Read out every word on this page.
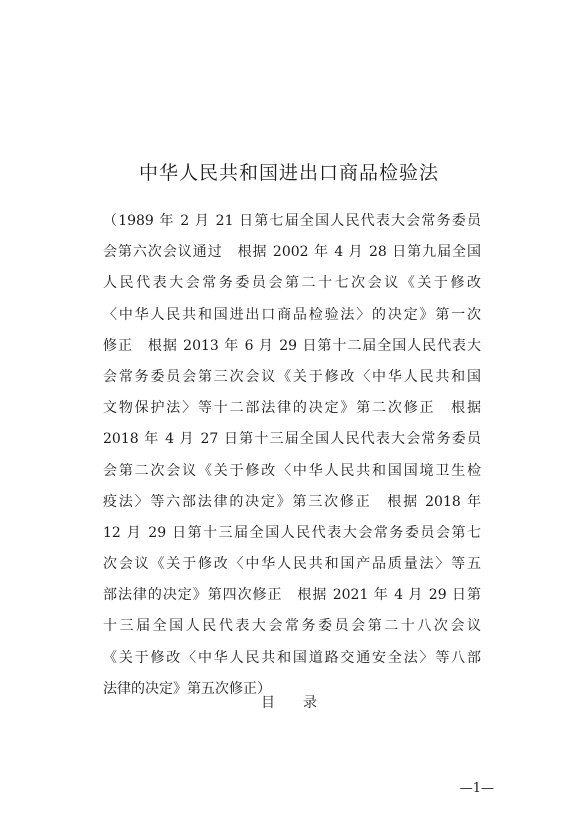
中华人民共和国进出口商品检验法
（1989 年 2 月 21 日第七届全国人民代表大会常务委员
会第六次会议通过　根据 2002 年 4 月 28 日第九届全国
人民代表大会常务委员会第二十七次会议《关于修改
〈中华人民共和国进出口商品检验法〉的决定》第一次
修正　根据 2013 年 6 月 29 日第十二届全国人民代表大
会常务委员会第三次会议《关于修改〈中华人民共和国
文物保护法〉等十二部法律的决定》第二次修正　根据
2018 年 4 月 27 日第十三届全国人民代表大会常务委员
会第二次会议《关于修改〈中华人民共和国国境卫生检
疫法〉等六部法律的决定》第三次修正　根据 2018 年
12 月 29 日第十三届全国人民代表大会常务委员会第七
次会议《关于修改〈中华人民共和国产品质量法〉等五
部法律的决定》第四次修正　根据 2021 年 4 月 29 日第
十三届全国人民代表大会常务委员会第二十八次会议
《关于修改〈中华人民共和国道路交通安全法〉等八部
法律的决定》第五次修正）
目 录
—1—
